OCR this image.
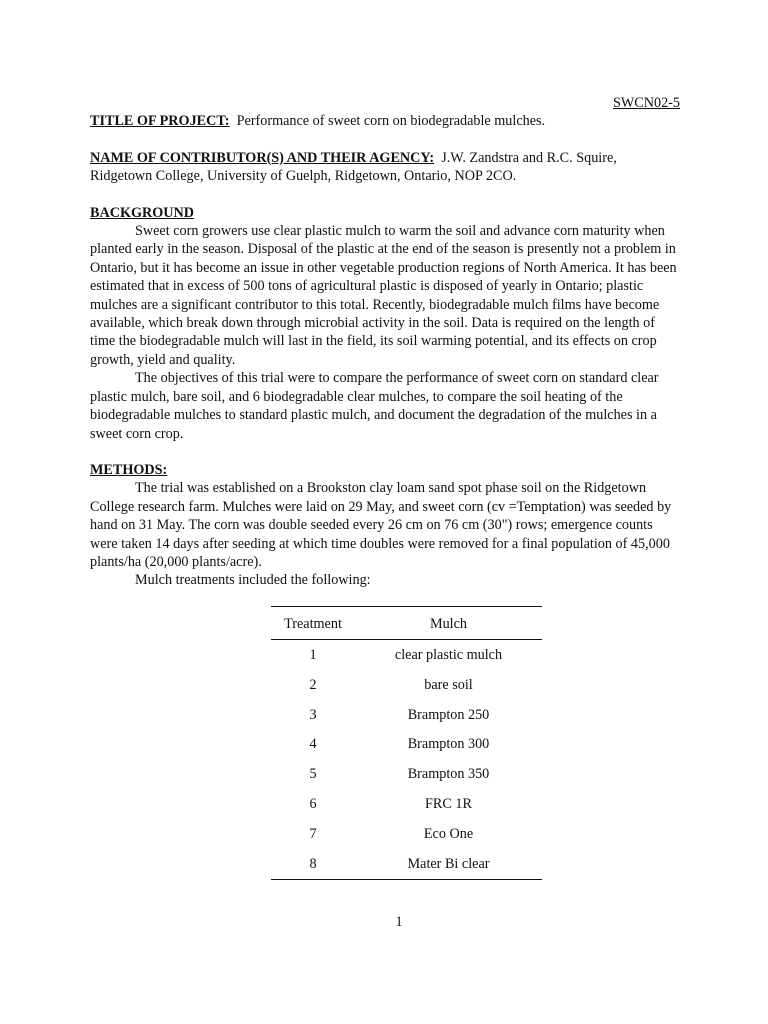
SWCN02-5

TITLE OF PROJECT: Performance of sweet corn on biodegradable mulches.

NAME OF CONTRIBUTOR(S) AND THEIR AGENCY: J.W. Zandstra and R.C. Squire, Ridgetown College, University of Guelph, Ridgetown, Ontario, NOP 2CO.

BACKGROUND

Sweet corn growers use clear plastic mulch to warm the soil and advance corn maturity when planted early in the season. Disposal of the plastic at the end of the season is presently not a problem in Ontario, but it has become an issue in other vegetable production regions of North America. It has been estimated that in excess of 500 tons of agricultural plastic is disposed of yearly in Ontario; plastic mulches are a significant contributor to this total. Recently, biodegradable mulch films have become available, which break down through microbial activity in the soil. Data is required on the length of time the biodegradable mulch will last in the field, its soil warming potential, and its effects on crop growth, yield and quality.

The objectives of this trial were to compare the performance of sweet corn on standard clear plastic mulch, bare soil, and 6 biodegradable clear mulches, to compare the soil heating of the biodegradable mulches to standard plastic mulch, and document the degradation of the mulches in a sweet corn crop.

METHODS:

The trial was established on a Brookston clay loam sand spot phase soil on the Ridgetown College research farm. Mulches were laid on 29 May, and sweet corn (cv =Temptation) was seeded by hand on 31 May. The corn was double seeded every 26 cm on 76 cm (30") rows; emergence counts were taken 14 days after seeding at which time doubles were removed for a final population of 45,000 plants/ha (20,000 plants/acre).

Mulch treatments included the following:

Treatment	Mulch
1	clear plastic mulch
2	bare soil
3	Brampton 250
4	Brampton 300
5	Brampton 350
6	FRC 1R
7	Eco One
8	Mater Bi clear
1
